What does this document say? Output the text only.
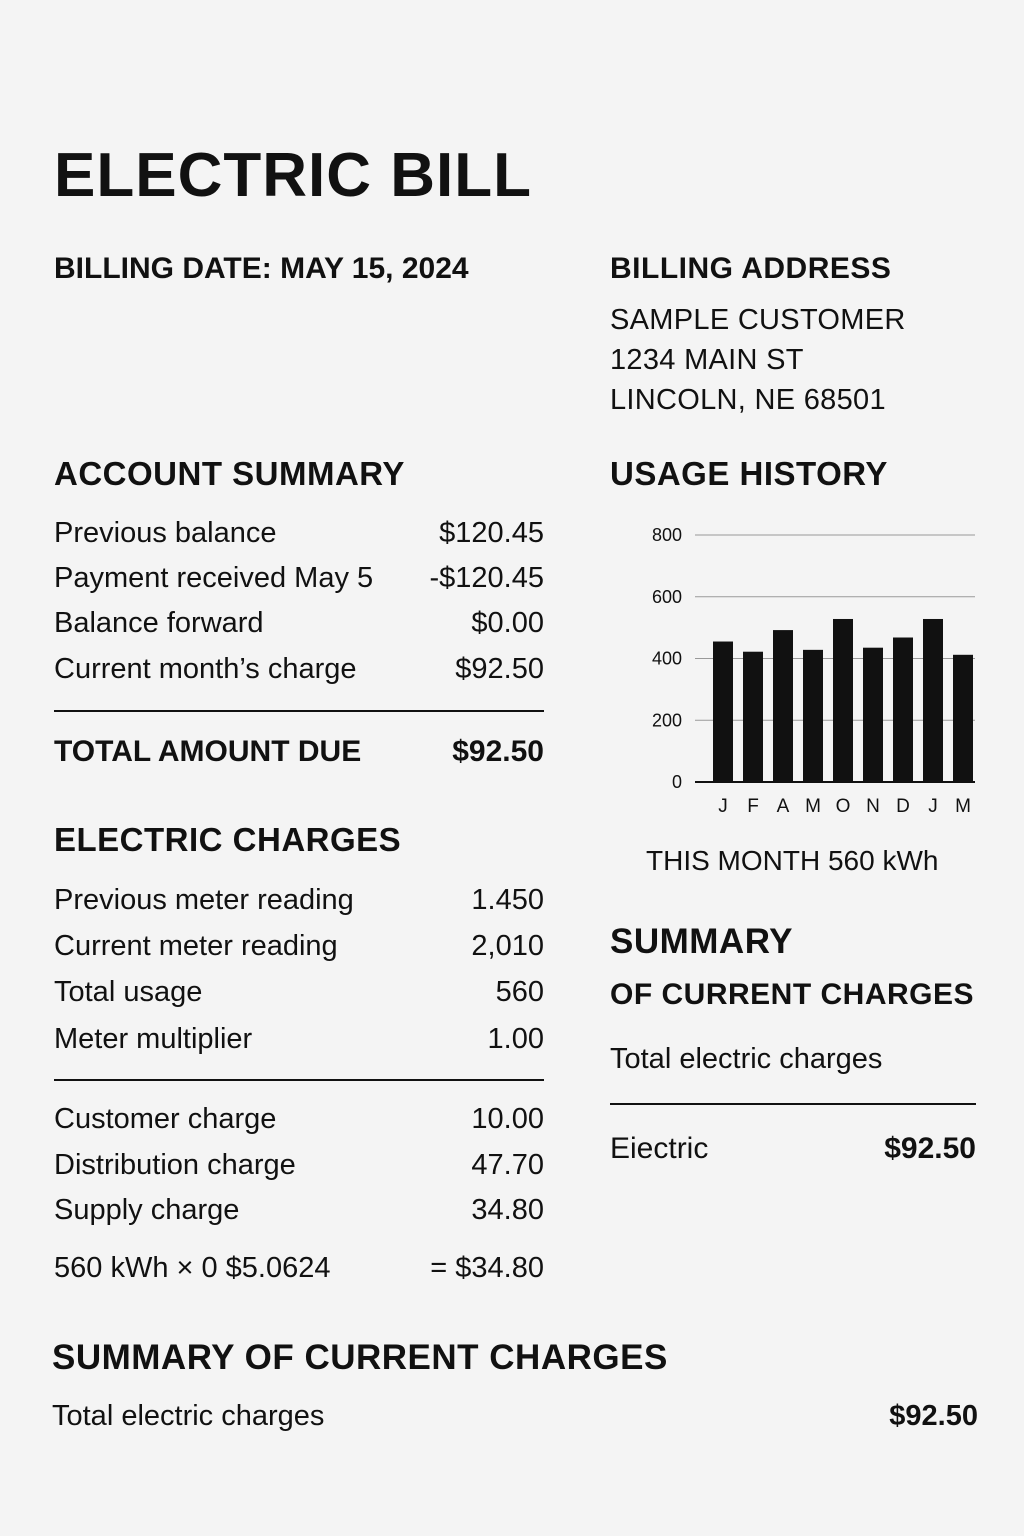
ELECTRIC BILL
BILLING DATE: MAY 15, 2024	BILLING ADDRESS
SAMPLE CUSTOMER
1234 MAIN ST
LINCOLN, NE 68501
ACCOUNT SUMMARY
Previous balance	$120.45
Payment received May 5 -$120.45
Balance forward	$0.00
Current month’s charge	$92.50
TOTAL AMOUNT DUE	$92.50
ELECTRIC CHARGES
Previous meter reading	1.450
Current meter reading	2,010
Total usage	560
Meter multiplier	1.00
Customer charge	10.00
Distribution charge	47.70
Supply charge	34.80
560 kWh × 0 $5.0624	= $34.80
USAGE HISTORY
0
200
400
600
800
J F A M O N D J M
THIS MONTH 560 kWh
SUMMARY
OF CURRENT CHARGES
Total electric charges
Eiectric	$92.50
SUMMARY OF CURRENT CHARGES
Total electric charges	$92.50
